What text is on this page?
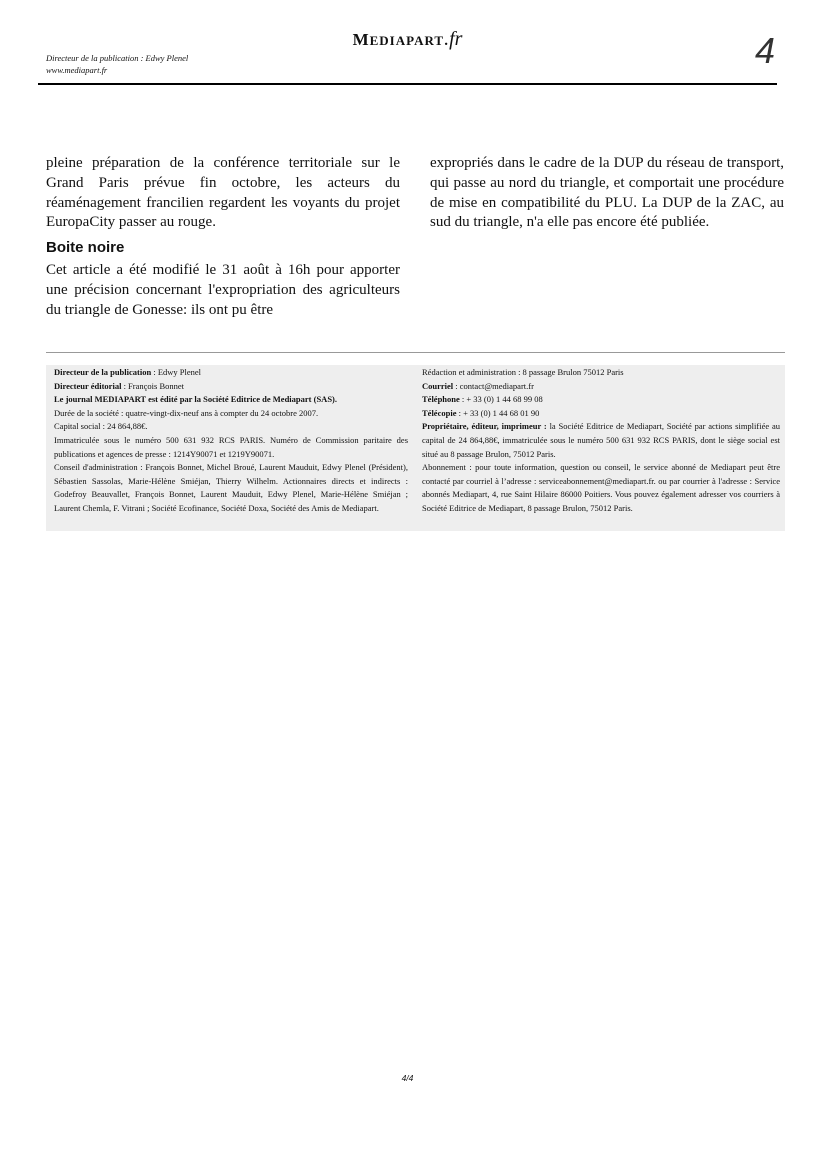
Directeur de la publication : Edwy Plenel
www.mediapart.fr
MEDIAPART.fr	4

pleine préparation de la conférence territoriale sur le Grand Paris prévue fin octobre, les acteurs du réaménagement francilien regardent les voyants du projet EuropaCity passer au rouge.

Boite noire

Cet article a été modifié le 31 août à 16h pour apporter une précision concernant l'expropriation des agriculteurs du triangle de Gonesse: ils ont pu être

expropriés dans le cadre de la DUP du réseau de transport, qui passe au nord du triangle, et comportait une procédure de mise en compatibilité du PLU. La DUP de la ZAC, au sud du triangle, n'a elle pas encore été publiée.

Directeur de la publication : Edwy Plenel
Directeur éditorial : François Bonnet
Le journal MEDIAPART est édité par la Société Editrice de Mediapart (SAS).
Durée de la société : quatre-vingt-dix-neuf ans à compter du 24 octobre 2007.
Capital social : 24 864,88€.
Immatriculée sous le numéro 500 631 932 RCS PARIS. Numéro de Commission paritaire des publications et agences de presse : 1214Y90071 et 1219Y90071.
Conseil d'administration : François Bonnet, Michel Broué, Laurent Mauduit, Edwy Plenel (Président), Sébastien Sassolas, Marie-Hélène Smiéjan, Thierry Wilhelm. Actionnaires directs et indirects : Godefroy Beauvallet, François Bonnet, Laurent Mauduit, Edwy Plenel, Marie-Hélène Smiéjan ; Laurent Chemla, F. Vitrani ; Société Ecofinance, Société Doxa, Société des Amis de Mediapart.
Rédaction et administration : 8 passage Brulon 75012 Paris
Courriel : contact@mediapart.fr
Téléphone : + 33 (0) 1 44 68 99 08
Télécopie : + 33 (0) 1 44 68 01 90
Propriétaire, éditeur, imprimeur : la Société Editrice de Mediapart, Société par actions simplifiée au capital de 24 864,88€, immatriculée sous le numéro 500 631 932 RCS PARIS, dont le siège social est situé au 8 passage Brulon, 75012 Paris.
Abonnement : pour toute information, question ou conseil, le service abonné de Mediapart peut être contacté par courriel à l’adresse : serviceabonnement@mediapart.fr. ou par courrier à l'adresse : Service abonnés Mediapart, 4, rue Saint Hilaire 86000 Poitiers. Vous pouvez également adresser vos courriers à Société Editrice de Mediapart, 8 passage Brulon, 75012 Paris.
4/4
